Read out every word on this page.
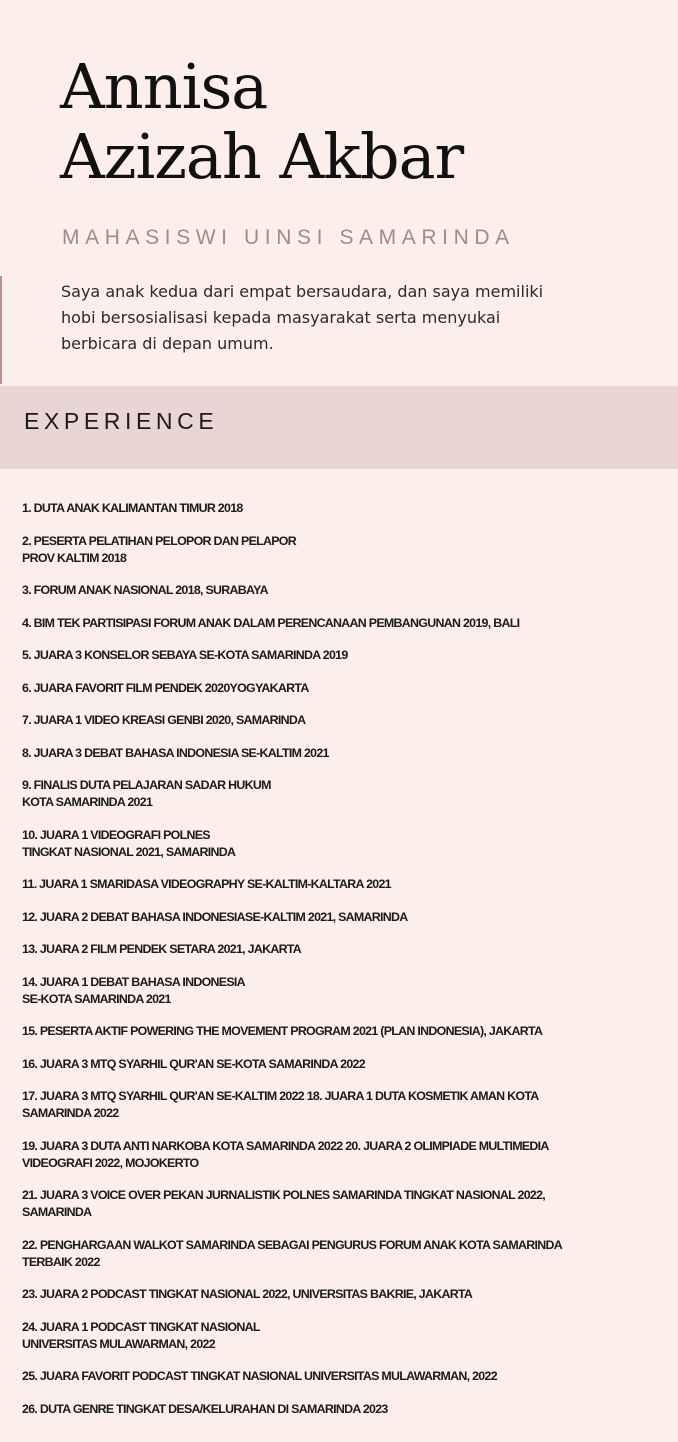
Annisa
Azizah Akbar
MAHASISWI UINSI SAMARINDA

Saya anak kedua dari empat bersaudara, dan saya memiliki hobi bersosialisasi kepada masyarakat serta menyukai berbicara di depan umum.

EXPERIENCE
1. DUTA ANAK KALIMANTAN TIMUR 2018
2. PESERTA PELATIHAN PELOPOR DAN PELAPOR
PROV KALTIM 2018
3. FORUM ANAK NASIONAL 2018, SURABAYA
4. BIM TEK PARTISIPASI FORUM ANAK DALAM PERENCANAAN PEMBANGUNAN 2019, BALI
5. JUARA 3 KONSELOR SEBAYA SE-KOTA SAMARINDA 2019
6. JUARA FAVORIT FILM PENDEK 2020YOGYAKARTA
7. JUARA 1 VIDEO KREASI GENBI 2020, SAMARINDA
8. JUARA 3 DEBAT BAHASA INDONESIA SE-KALTIM 2021
9. FINALIS DUTA PELAJARAN SADAR HUKUM
KOTA SAMARINDA 2021
10. JUARA 1 VIDEOGRAFI POLNES
TINGKAT NASIONAL 2021, SAMARINDA
11. JUARA 1 SMARIDASA VIDEOGRAPHY SE-KALTIM-KALTARA 2021
12. JUARA 2 DEBAT BAHASA INDONESIASE-KALTIM 2021, SAMARINDA
13. JUARA 2 FILM PENDEK SETARA 2021, JAKARTA
14. JUARA 1 DEBAT BAHASA INDONESIA
SE-KOTA SAMARINDA 2021
15. PESERTA AKTIF POWERING THE MOVEMENT PROGRAM 2021 (PLAN INDONESIA), JAKARTA
16. JUARA 3 MTQ SYARHIL QUR'AN SE-KOTA SAMARINDA 2022
17. JUARA 3 MTQ SYARHIL QUR'AN SE-KALTIM 2022 18. JUARA 1 DUTA KOSMETIK AMAN KOTA
SAMARINDA 2022
19. JUARA 3 DUTA ANTI NARKOBA KOTA SAMARINDA 2022 20. JUARA 2 OLIMPIADE MULTIMEDIA
VIDEOGRAFI 2022, MOJOKERTO
21. JUARA 3 VOICE OVER PEKAN JURNALISTIK POLNES SAMARINDA TINGKAT NASIONAL 2022,
SAMARINDA
22. PENGHARGAAN WALKOT SAMARINDA SEBAGAI PENGURUS FORUM ANAK KOTA SAMARINDA
TERBAIK 2022
23. JUARA 2 PODCAST TINGKAT NASIONAL 2022, UNIVERSITAS BAKRIE, JAKARTA
24. JUARA 1 PODCAST TINGKAT NASIONAL
UNIVERSITAS MULAWARMAN, 2022
25. JUARA FAVORIT PODCAST TINGKAT NASIONAL UNIVERSITAS MULAWARMAN, 2022
26. DUTA GENRE TINGKAT DESA/KELURAHAN DI SAMARINDA 2023
